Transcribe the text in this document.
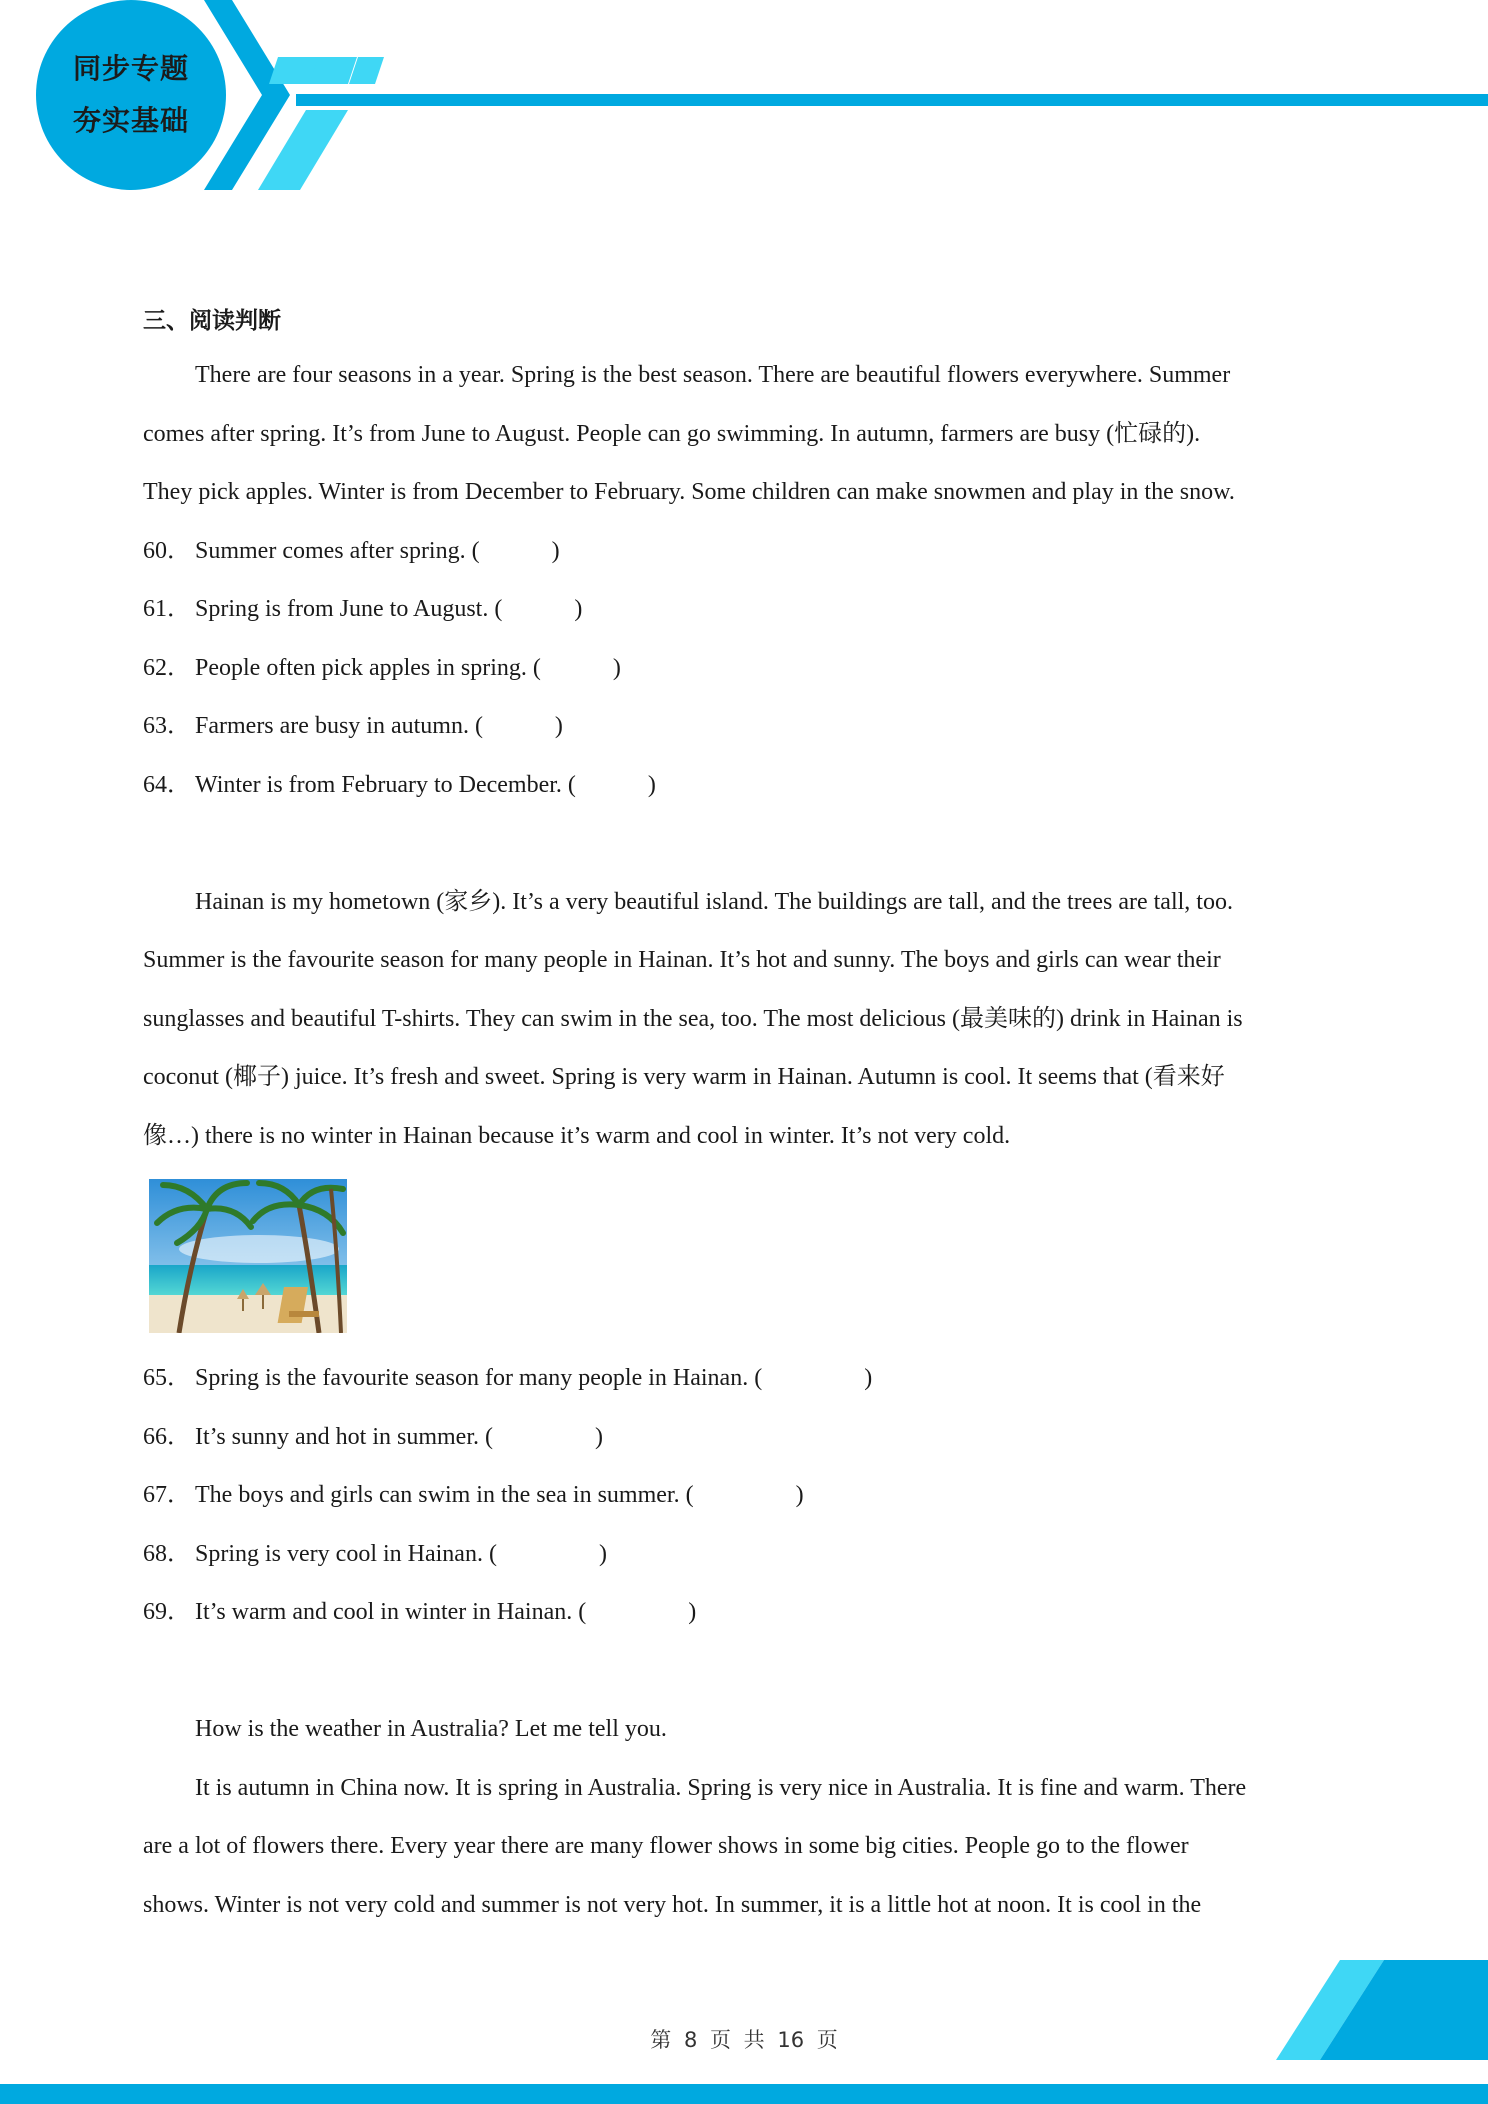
同步专题
夯实基础

三、阅读判断

There are four seasons in a year. Spring is the best season. There are beautiful flowers everywhere. Summer
comes after spring. It’s from June to August. People can go swimming. In autumn, farmers are busy (忙碌的).
They pick apples. Winter is from December to February. Some children can make snowmen and play in the snow.
60． Summer comes after spring. (            )
61． Spring is from June to August. (            )
62． People often pick apples in spring. (            )
63． Farmers are busy in autumn. (            )
64． Winter is from February to December. (            )
Hainan is my hometown (家乡). It’s a very beautiful island. The buildings are tall, and the trees are tall, too.
Summer is the favourite season for many people in Hainan. It’s hot and sunny. The boys and girls can wear their
sunglasses and beautiful T-shirts. They can swim in the sea, too. The most delicious (最美味的) drink in Hainan is
coconut (椰子) juice. It’s fresh and sweet. Spring is very warm in Hainan. Autumn is cool. It seems that (看来好
像…) there is no winter in Hainan because it’s warm and cool in winter. It’s not very cold.
65． Spring is the favourite season for many people in Hainan. (                 )
66． It’s sunny and hot in summer. (                 )
67． The boys and girls can swim in the sea in summer. (                 )
68． Spring is very cool in Hainan. (                 )
69． It’s warm and cool in winter in Hainan. (                 )
How is the weather in Australia? Let me tell you.
It is autumn in China now. It is spring in Australia. Spring is very nice in Australia. It is fine and warm. There
are a lot of flowers there. Every year there are many flower shows in some big cities. People go to the flower
shows. Winter is not very cold and summer is not very hot. In summer, it is a little hot at noon. It is cool in the
第 8 页 共 16 页
